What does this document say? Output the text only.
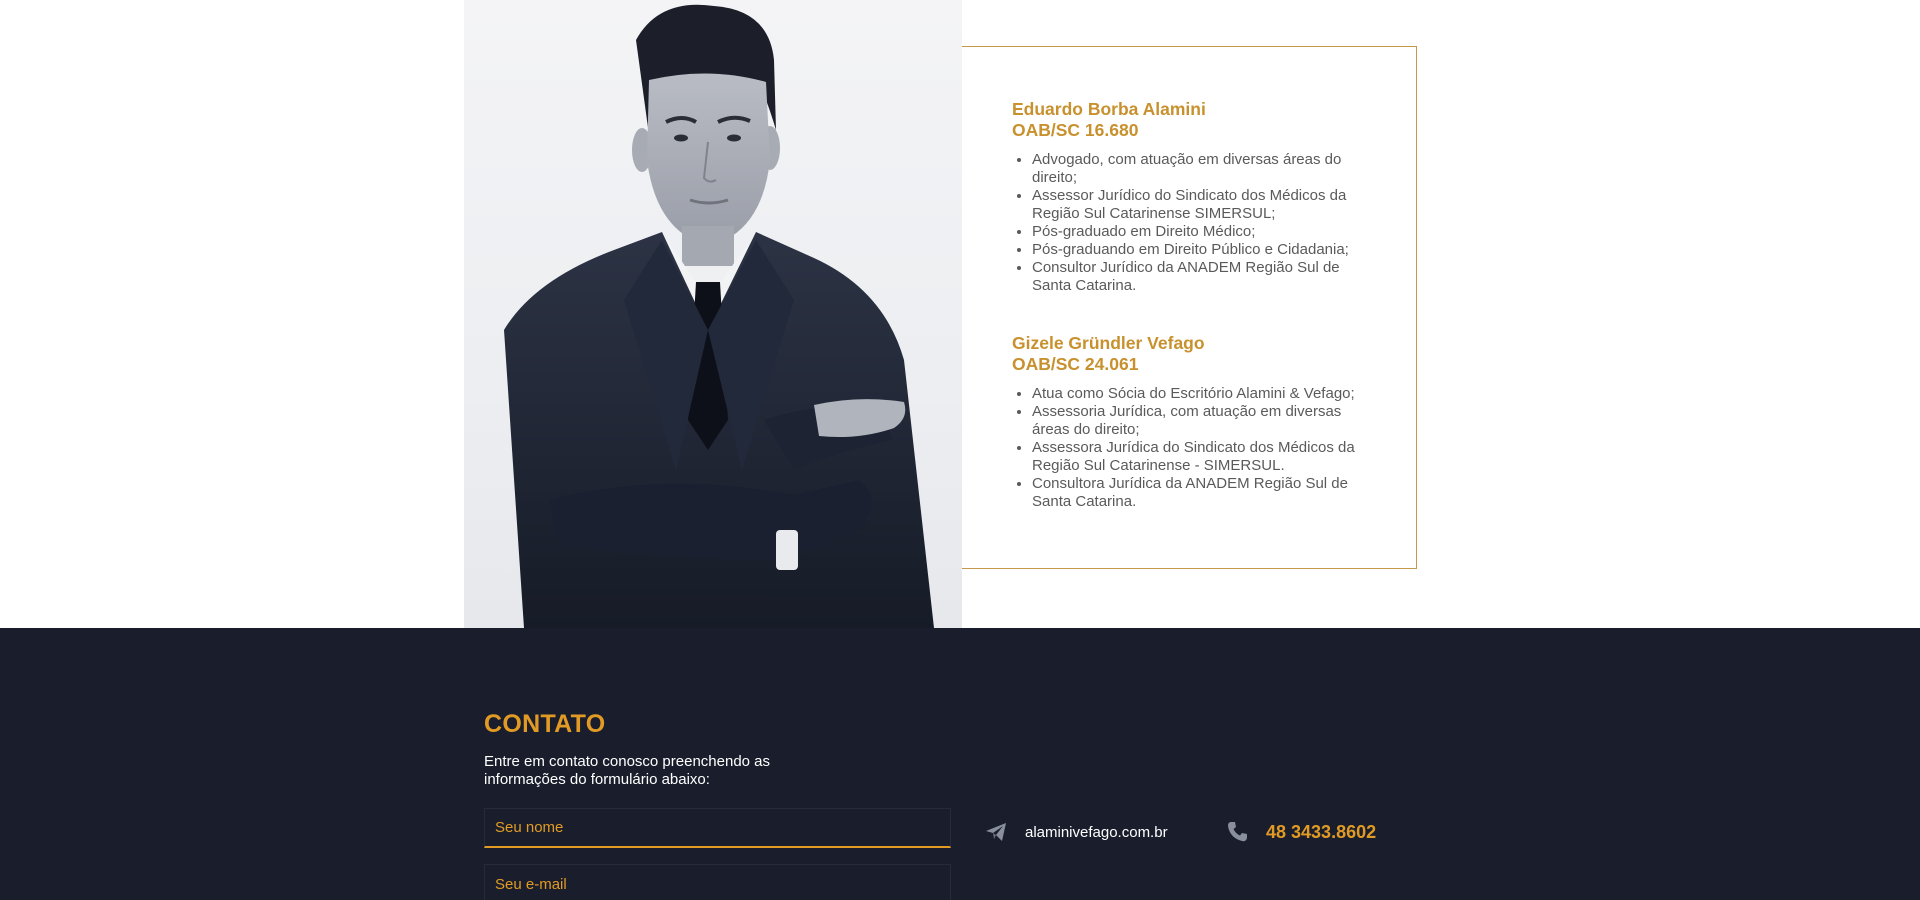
Eduardo Borba Alamini
OAB/SC 16.680
• Advogado, com atuação em diversas áreas do direito;
• Assessor Jurídico do Sindicato dos Médicos da Região Sul Catarinense SIMERSUL;
• Pós-graduado em Direito Médico;
• Pós-graduando em Direito Público e Cidadania;
• Consultor Jurídico da ANADEM Região Sul de Santa Catarina.
Gizele Gründler Vefago
OAB/SC 24.061
• Atua como Sócia do Escritório Alamini & Vefago;
• Assessoria Jurídica, com atuação em diversas áreas do direito;
• Assessora Jurídica do Sindicato dos Médicos da Região Sul Catarinense - SIMERSUL.
• Consultora Jurídica da ANADEM Região Sul de Santa Catarina.
CONTATO
Entre em contato conosco preenchendo as informações do formulário abaixo:
Seu nome
Seu e-mail
alaminivefago.com.br	48 3433.8602
